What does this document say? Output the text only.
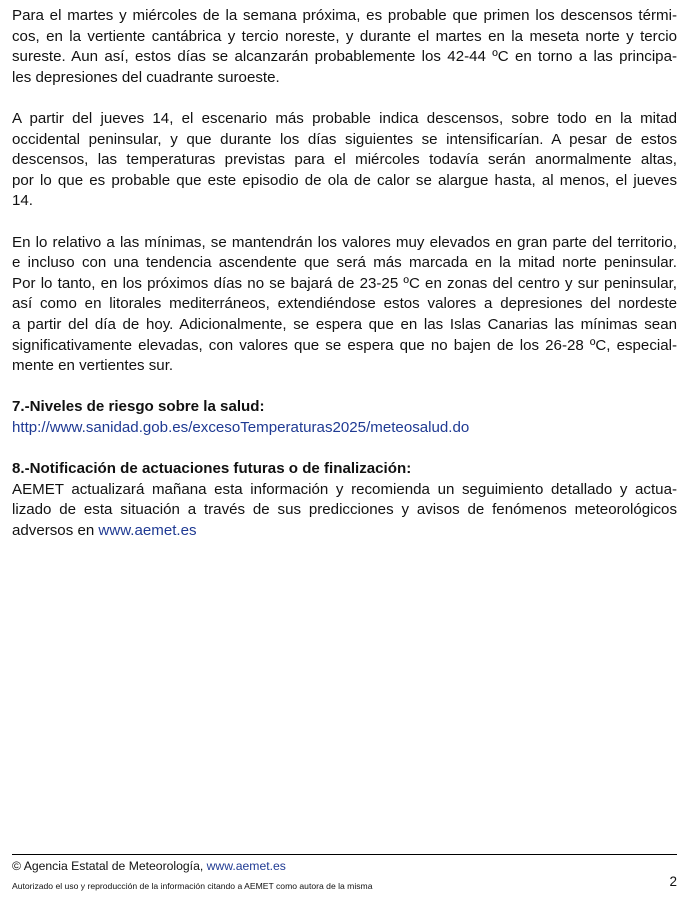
Para el martes y miércoles de la semana próxima, es probable que primen los descensos térmi-
cos, en la vertiente cantábrica y tercio noreste, y durante el martes en la meseta norte y tercio
sureste. Aun así, estos días se alcanzarán probablemente los 42-44 ºC en torno a las principa-
les depresiones del cuadrante suroeste.
A partir del jueves 14, el escenario más probable indica descensos, sobre todo en la mitad
occidental peninsular, y que durante los días siguientes se intensificarían. A pesar de estos
descensos, las temperaturas previstas para el miércoles todavía serán anormalmente altas,
por lo que es probable que este episodio de ola de calor se alargue hasta, al menos, el jueves
14.
En lo relativo a las mínimas, se mantendrán los valores muy elevados en gran parte del territorio,
e incluso con una tendencia ascendente que será más marcada en la mitad norte peninsular.
Por lo tanto, en los próximos días no se bajará de 23-25 ºC en zonas del centro y sur peninsular,
así como en litorales mediterráneos, extendiéndose estos valores a depresiones del nordeste
a partir del día de hoy. Adicionalmente, se espera que en las Islas Canarias las mínimas sean
significativamente elevadas, con valores que se espera que no bajen de los 26-28 ºC, especial-
mente en vertientes sur.
7.-Niveles de riesgo sobre la salud:
http://www.sanidad.gob.es/excesoTemperaturas2025/meteosalud.do
8.-Notificación de actuaciones futuras o de finalización:
AEMET actualizará mañana esta información y recomienda un seguimiento detallado y actua-
lizado de esta situación a través de sus predicciones y avisos de fenómenos meteorológicos
adversos en www.aemet.es
© Agencia Estatal de Meteorología, www.aemet.es
Autorizado el uso y reproducción de la información citando a AEMET como autora de la misma	2
